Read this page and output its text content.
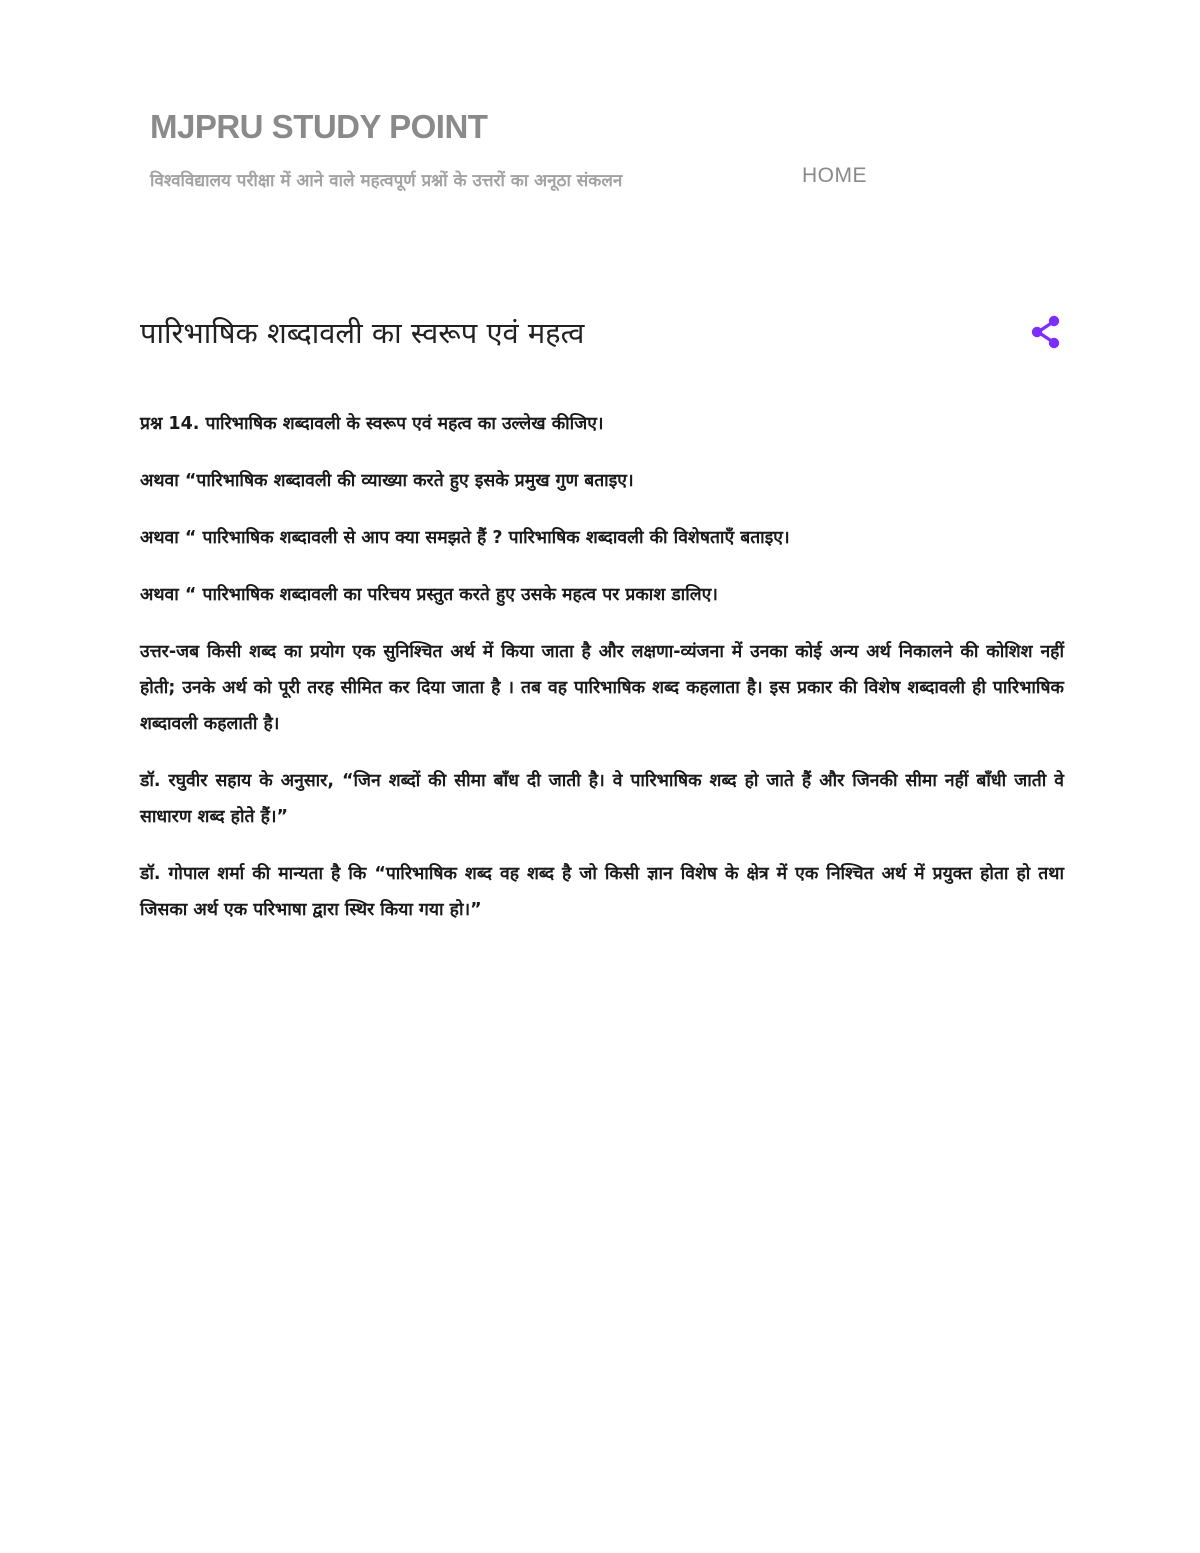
MJPRU STUDY POINT

विश्वविद्यालय परीक्षा में आने वाले महत्वपूर्ण प्रश्नों के उत्तरों का अनूठा संकलन	HOME
पारिभाषिक शब्दावली का स्वरूप एवं महत्व

प्रश्न 14. पारिभाषिक शब्दावली के स्वरूप एवं महत्व का उल्लेख कीजिए।

अथवा “पारिभाषिक शब्दावली की व्याख्या करते हुए इसके प्रमुख गुण बताइए।

अथवा “ पारिभाषिक शब्दावली से आप क्या समझते हैं ? पारिभाषिक शब्दावली की विशेषताएँ बताइए।

अथवा “ पारिभाषिक शब्दावली का परिचय प्रस्तुत करते हुए उसके महत्व पर प्रकाश डालिए।

उत्तर-जब किसी शब्द का प्रयोग एक सुनिश्चित अर्थ में किया जाता है और लक्षणा-व्यंजना में उनका कोई अन्य अर्थ निकालने की कोशिश नहीं होती; उनके अर्थ को पूरी तरह सीमित कर दिया जाता है । तब वह पारिभाषिक शब्द कहलाता है। इस प्रकार की विशेष शब्दावली ही पारिभाषिक शब्दावली कहलाती है।

डॉ. रघुवीर सहाय के अनुसार, “जिन शब्दों की सीमा बाँध दी जाती है। वे पारिभाषिक शब्द हो जाते हैं और जिनकी सीमा नहीं बाँधी जाती वे साधारण शब्द होते हैं।”

डॉ. गोपाल शर्मा की मान्यता है कि “पारिभाषिक शब्द वह शब्द है जो किसी ज्ञान विशेष के क्षेत्र में एक निश्चित अर्थ में प्रयुक्त होता हो तथा जिसका अर्थ एक परिभाषा द्वारा स्थिर किया गया हो।”
